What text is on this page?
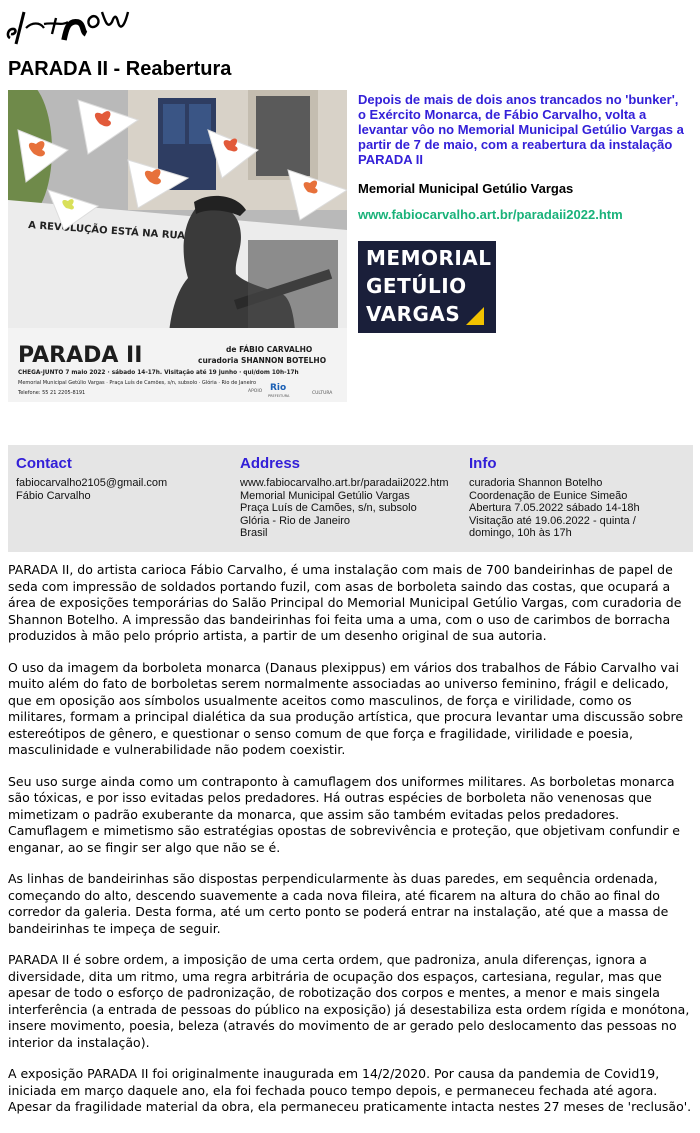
PARADA II - Reabertura
A REVOLUÇÃO ESTÁ NA RUA
PARADA II	de FÁBIO CARVALHO
curadoria SHANNON BOTELHO
CHEGA-JUNTO 7 maio 2022 · sábado 14-17h. Visitação até 19 junho · qui/dom 10h-17h
Memorial Municipal Getúlio Vargas · Praça Luís de Camões, s/n, subsolo · Glória · Rio de Janeiro
Telefone: 55 21 2205-8191	APOIO Rio
PREFEITURA	CULTURA

Depois de mais de dois anos trancados no 'bunker', o Exército Monarca, de Fábio Carvalho, volta a levantar vôo no Memorial Municipal Getúlio Vargas a partir de 7 de maio, com a reabertura da instalação PARADA II

Memorial Municipal Getúlio Vargas

www.fabiocarvalho.art.br/paradaii2022.htm
MEMORIAL
GETÚLIO
VARGAS
Contact
fabiocarvalho2105@gmail.com
Fábio Carvalho
Address
www.fabiocarvalho.art.br/paradaii2022.htm
Memorial Municipal Getúlio Vargas
Praça Luís de Camões, s/n, subsolo
Glória - Rio de Janeiro
Brasil
Info
curadoria Shannon Botelho
Coordenação de Eunice Simeão
Abertura 7.05.2022 sábado 14-18h
Visitação até 19.06.2022 - quinta /
domingo, 10h às 17h

PARADA II, do artista carioca Fábio Carvalho, é uma instalação com mais de 700 bandeirinhas de papel de seda com impressão de soldados portando fuzil, com asas de borboleta saindo das costas, que ocupará a área de exposições temporárias do Salão Principal do Memorial Municipal Getúlio Vargas, com curadoria de Shannon Botelho. A impressão das bandeirinhas foi feita uma a uma, com o uso de carimbos de borracha produzidos à mão pelo próprio artista, a partir de um desenho original de sua autoria.

O uso da imagem da borboleta monarca (Danaus plexippus) em vários dos trabalhos de Fábio Carvalho vai muito além do fato de borboletas serem normalmente associadas ao universo feminino, frágil e delicado, que em oposição aos símbolos usualmente aceitos como masculinos, de força e virilidade, como os militares, formam a principal dialética da sua produção artística, que procura levantar uma discussão sobre estereótipos de gênero, e questionar o senso comum de que força e fragilidade, virilidade e poesia, masculinidade e vulnerabilidade não podem coexistir.

Seu uso surge ainda como um contraponto à camuflagem dos uniformes militares. As borboletas monarca são tóxicas, e por isso evitadas pelos predadores. Há outras espécies de borboleta não venenosas que mimetizam o padrão exuberante da monarca, que assim são também evitadas pelos predadores. Camuflagem e mimetismo são estratégias opostas de sobrevivência e proteção, que objetivam confundir e enganar, ao se fingir ser algo que não se é.

As linhas de bandeirinhas são dispostas perpendicularmente às duas paredes, em sequência ordenada, começando do alto, descendo suavemente a cada nova fileira, até ficarem na altura do chão ao final do corredor da galeria. Desta forma, até um certo ponto se poderá entrar na instalação, até que a massa de bandeirinhas te impeça de seguir.

PARADA II é sobre ordem, a imposição de uma certa ordem, que padroniza, anula diferenças, ignora a diversidade, dita um ritmo, uma regra arbitrária de ocupação dos espaços, cartesiana, regular, mas que apesar de todo o esforço de padronização, de robotização dos corpos e mentes, a menor e mais singela interferência (a entrada de pessoas do público na exposição) já desestabiliza esta ordem rígida e monótona, insere movimento, poesia, beleza (através do movimento de ar gerado pelo deslocamento das pessoas no interior da instalação).

A exposição PARADA II foi originalmente inaugurada em 14/2/2020. Por causa da pandemia de Covid19, iniciada em março daquele ano, ela foi fechada pouco tempo depois, e permaneceu fechada até agora. Apesar da fragilidade material da obra, ela permaneceu praticamente intacta nestes 27 meses de 'reclusão'.
